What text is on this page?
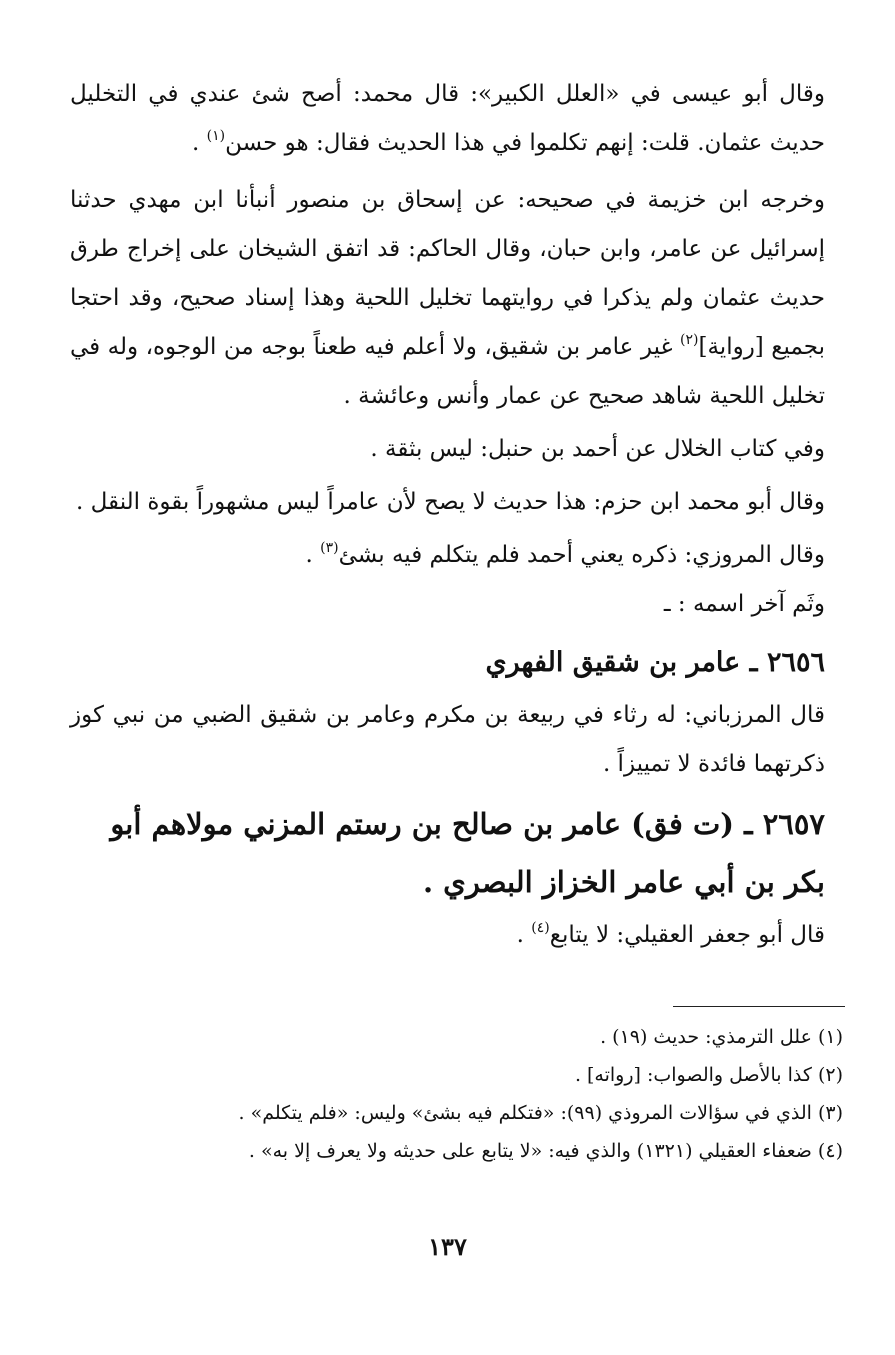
وقال أبو عيسى في «العلل الكبير»: قال محمد: أصح شئ عندي في التخليل حديث عثمان. قلت: إنهم تكلموا في هذا الحديث فقال: هو حسن$^{(١)}$ .

وخرجه ابن خزيمة في صحيحه: عن إسحاق بن منصور أنبأنا ابن مهدي حدثنا إسرائيل عن عامر، وابن حبان، وقال الحاكم: قد اتفق الشيخان على إخراج طرق حديث عثمان ولم يذكرا في روايتهما تخليل اللحية وهذا إسناد صحيح، وقد احتجا بجميع [رواية]$^{(٢)}$ غير عامر بن شقيق، ولا أعلم فيه طعناً بوجه من الوجوه، وله في تخليل اللحية شاهد صحيح عن عمار وأنس وعائشة .

وفي كتاب الخلال عن أحمد بن حنبل: ليس بثقة .

وقال أبو محمد ابن حزم: هذا حديث لا يصح لأن عامراً ليس مشهوراً بقوة النقل .

وقال المروزي: ذكره يعني أحمد فلم يتكلم فيه بشئ$^{(٣)}$ .

وثَم آخر اسمه : ـ

٢٦٥٦ ـ عامر بن شقيق الفهري

قال المرزباني: له رثاء في ربيعة بن مكرم وعامر بن شقيق الضبي من نبي كوز ذكرتهما فائدة لا تمييزاً .

٢٦٥٧ ـ (ت فق) عامر بن صالح بن رستم المزني مولاهم أبو بكر بن أبي عامر الخزاز البصري .

قال أبو جعفر العقيلي: لا يتابع$^{(٤)}$ .

(١) علل الترمذي: حديث (١٩) .

(٢) كذا بالأصل والصواب: [رواته] .

(٣) الذي في سؤالات المروذي (٩٩): «فتكلم فيه بشئ» وليس: «فلم يتكلم» .

(٤) ضعفاء العقيلي (١٣٢١) والذي فيه: «لا يتابع على حديثه ولا يعرف إلا به» .

١٣٧
